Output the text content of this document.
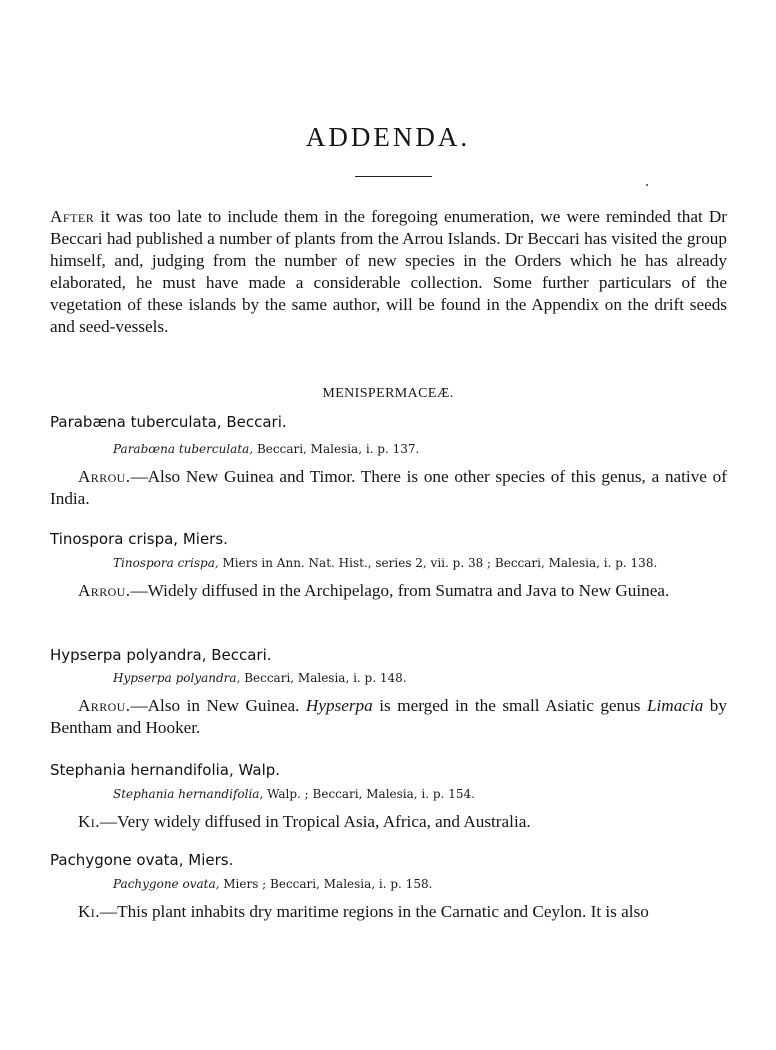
ADDENDA.

After it was too late to include them in the foregoing enumeration, we were reminded that Dr Beccari had published a number of plants from the Arrou Islands. Dr Beccari has visited the group himself, and, judging from the number of new species in the Orders which he has already elaborated, he must have made a considerable collection. Some further particulars of the vegetation of these islands by the same author, will be found in the Appendix on the drift seeds and seed-vessels.

MENISPERMACEÆ.
Parabæna tuberculata, Beccari.
Parabœna tuberculata, Beccari, Malesia, i. p. 137.

Arrou.—Also New Guinea and Timor. There is one other species of this genus, a native of India.

Tinospora crispa, Miers.
Tinospora crispa, Miers in Ann. Nat. Hist., series 2, vii. p. 38 ; Beccari, Malesia, i. p. 138.

Arrou.—Widely diffused in the Archipelago, from Sumatra and Java to New Guinea.

Hypserpa polyandra, Beccari.
Hypserpa polyandra, Beccari, Malesia, i. p. 148.

Arrou.—Also in New Guinea. Hypserpa is merged in the small Asiatic genus Limacia by Bentham and Hooker.

Stephania hernandifolia, Walp.
Stephania hernandifolia, Walp. ; Beccari, Malesia, i. p. 154.

Ki.—Very widely diffused in Tropical Asia, Africa, and Australia.

Pachygone ovata, Miers.
Pachygone ovata, Miers ; Beccari, Malesia, i. p. 158.

Ki.—This plant inhabits dry maritime regions in the Carnatic and Ceylon. It is also
